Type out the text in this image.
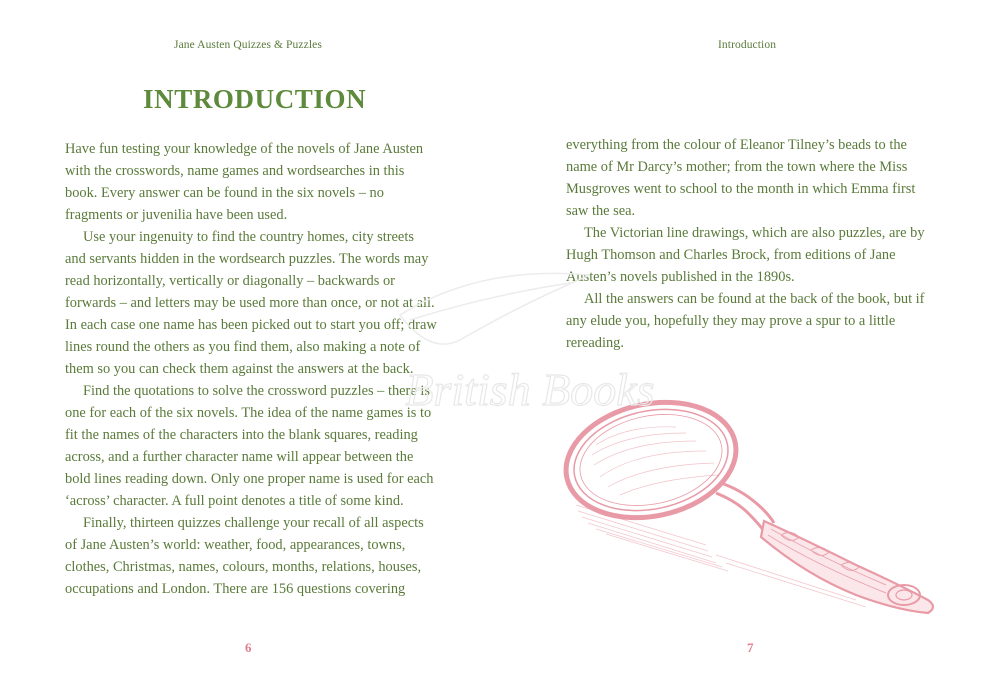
Jane Austen Quizzes & Puzzles
INTRODUCTION

Have fun testing your knowledge of the novels of Jane Austen with the crosswords, name games and wordsearches in this book. Every answer can be found in the six novels – no fragments or juvenilia have been used.

Use your ingenuity to find the country homes, city streets and servants hidden in the wordsearch puzzles. The words may read horizontally, vertically or diagonally – backwards or forwards – and letters may be used more than once, or not at all. In each case one name has been picked out to start you off; draw lines round the others as you find them, also making a note of them so you can check them against the answers at the back.

Find the quotations to solve the crossword puzzles – there is one for each of the six novels. The idea of the name games is to fit the names of the characters into the blank squares, reading across, and a further character name will appear between the bold lines reading down. Only one proper name is used for each ‘across’ character. A full point denotes a title of some kind.

Finally, thirteen quizzes challenge your recall of all aspects of Jane Austen’s world: weather, food, appearances, towns, clothes, Christmas, names, colours, months, relations, houses, occupations and London. There are 156 questions covering

6
Introduction

everything from the colour of Eleanor Tilney’s beads to the name of Mr Darcy’s mother; from the town where the Miss Musgroves went to school to the month in which Emma first saw the sea.

The Victorian line drawings, which are also puzzles, are by Hugh Thomson and Charles Brock, from editions of Jane Austen’s novels published in the 1890s.

All the answers can be found at the back of the book, but if any elude you, hopefully they may prove a spur to a little rereading.

7
British Books
